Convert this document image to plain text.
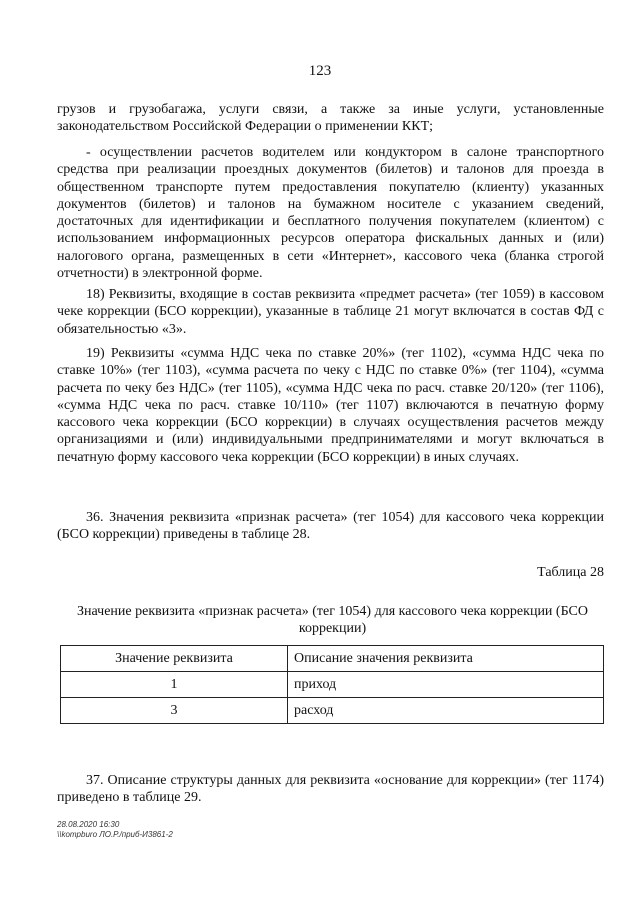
123

грузов и грузобагажа, услуги связи, а также за иные услуги, установленные законодательством Российской Федерации о применении ККТ;

- осуществлении расчетов водителем или кондуктором в салоне транспортного средства при реализации проездных документов (билетов) и талонов для проезда в общественном транспорте путем предоставления покупателю (клиенту) указанных документов (билетов) и талонов на бумажном носителе с указанием сведений, достаточных для идентификации и бесплатного получения покупателем (клиентом) с использованием информационных ресурсов оператора фискальных данных и (или) налогового органа, размещенных в сети «Интернет», кассового чека (бланка строгой отчетности) в электронной форме.

18) Реквизиты, входящие в состав реквизита «предмет расчета» (тег 1059) в кассовом чеке коррекции (БСО коррекции), указанные в таблице 21 могут включатся в состав ФД с обязательностью «3».

19) Реквизиты «сумма НДС чека по ставке 20%» (тег 1102), «сумма НДС чека по ставке 10%» (тег 1103), «сумма расчета по чеку с НДС по ставке 0%» (тег 1104), «сумма расчета по чеку без НДС» (тег 1105), «сумма НДС чека по расч. ставке 20/120» (тег 1106), «сумма НДС чека по расч. ставке 10/110» (тег 1107) включаются в печатную форму кассового чека коррекции (БСО коррекции) в случаях осуществления расчетов между организациями и (или) индивидуальными предпринимателями и могут включаться в печатную форму кассового чека коррекции (БСО коррекции) в иных случаях.

36. Значения реквизита «признак расчета» (тег 1054) для кассового чека коррекции (БСО коррекции) приведены в таблице 28.

Таблица 28

Значение реквизита «признак расчета» (тег 1054) для кассового чека коррекции (БСО коррекции)

Значение реквизита	Описание значения реквизита
1	приход
3	расход

37. Описание структуры данных для реквизита «основание для коррекции» (тег 1174) приведено в таблице 29.

28.08.2020 16:30
\\kompburo ЛО.Р./приб-И3861-2
